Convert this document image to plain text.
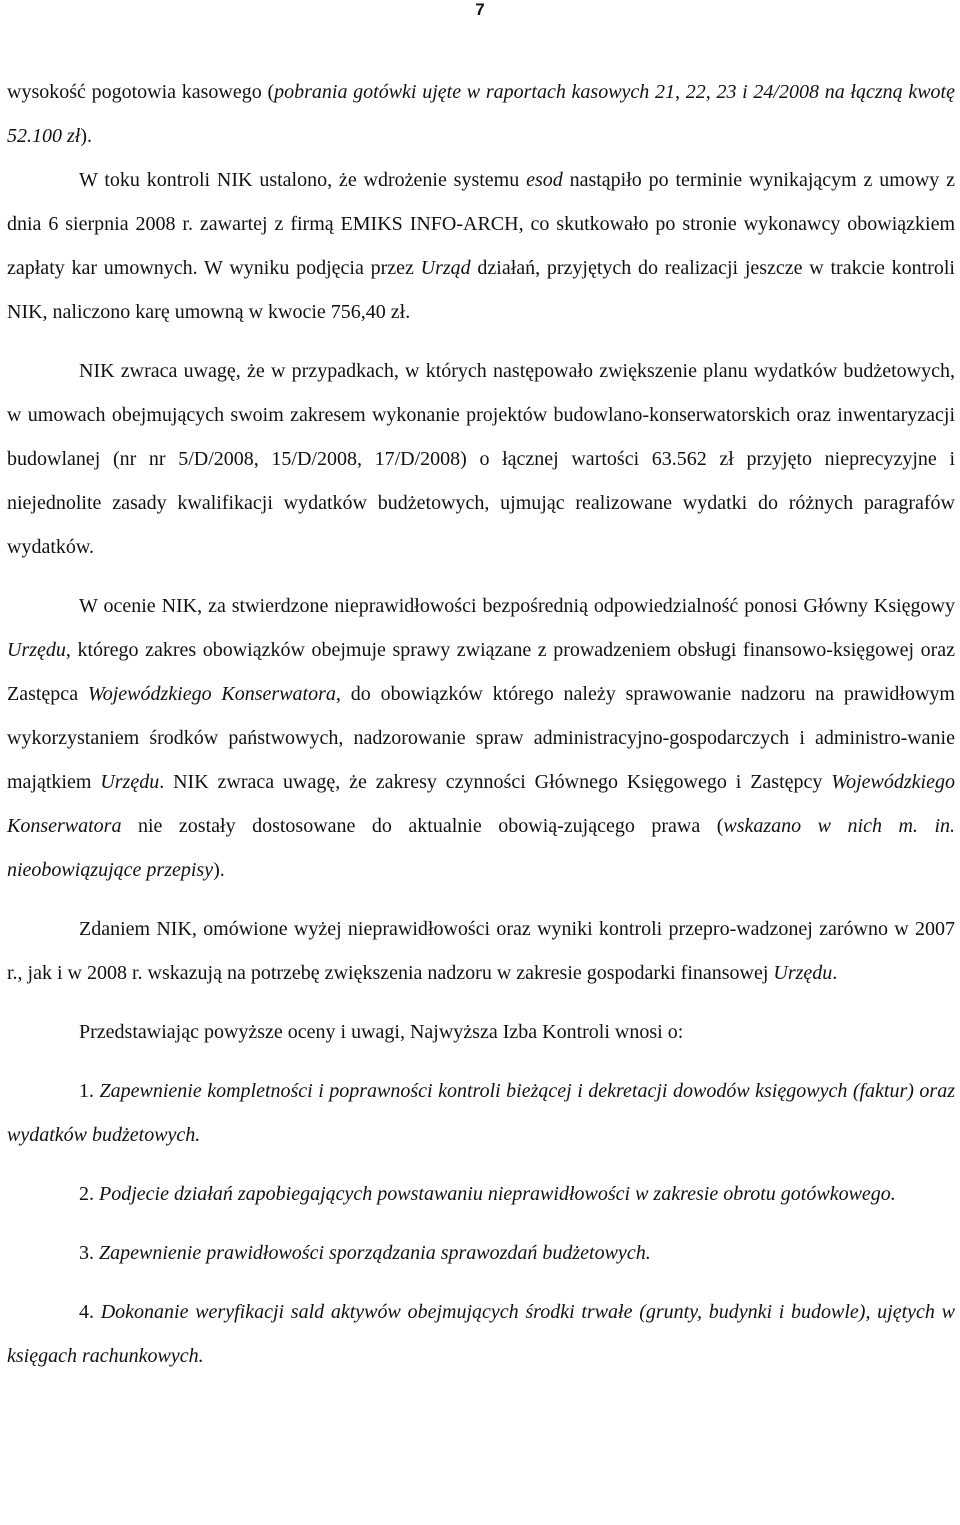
7

wysokość pogotowia kasowego (pobrania gotówki ujęte w raportach kasowych 21, 22, 23 i 24/2008 na łączną kwotę 52.100 zł).

W toku kontroli NIK ustalono, że wdrożenie systemu esod nastąpiło po terminie wynikającym z umowy z dnia 6 sierpnia 2008 r. zawartej z firmą EMIKS INFO-ARCH, co skutkowało po stronie wykonawcy obowiązkiem zapłaty kar umownych. W wyniku podjęcia przez Urząd działań, przyjętych do realizacji jeszcze w trakcie kontroli NIK, naliczono karę umowną w kwocie 756,40 zł.

NIK zwraca uwagę, że w przypadkach, w których następowało zwiększenie planu wydatków budżetowych, w umowach obejmujących swoim zakresem wykonanie projektów budowlano-konserwatorskich oraz inwentaryzacji budowlanej (nr nr 5/D/2008, 15/D/2008, 17/D/2008) o łącznej wartości 63.562 zł przyjęto nieprecyzyjne i niejednolite zasady kwalifikacji wydatków budżetowych, ujmując realizowane wydatki do różnych paragrafów wydatków.

W ocenie NIK, za stwierdzone nieprawidłowości bezpośrednią odpowiedzialność ponosi Główny Księgowy Urzędu, którego zakres obowiązków obejmuje sprawy związane z prowadzeniem obsługi finansowo-księgowej oraz Zastępca Wojewódzkiego Konserwatora, do obowiązków którego należy sprawowanie nadzoru na prawidłowym wykorzystaniem środków państwowych, nadzorowanie spraw administracyjno-gospodarczych i administro-wanie majątkiem Urzędu. NIK zwraca uwagę, że zakresy czynności Głównego Księgowego i Zastępcy Wojewódzkiego Konserwatora nie zostały dostosowane do aktualnie obowią-zującego prawa (wskazano w nich m. in. nieobowiązujące przepisy).

Zdaniem NIK, omówione wyżej nieprawidłowości oraz wyniki kontroli przepro-wadzonej zarówno w 2007 r., jak i w 2008 r. wskazują na potrzebę zwiększenia nadzoru w zakresie gospodarki finansowej Urzędu.

Przedstawiając powyższe oceny i uwagi, Najwyższa Izba Kontroli wnosi o:

1. Zapewnienie kompletności i poprawności kontroli bieżącej i dekretacji dowodów księgowych (faktur) oraz wydatków budżetowych.

2. Podjecie działań zapobiegających powstawaniu nieprawidłowości w zakresie obrotu gotówkowego.

3. Zapewnienie prawidłowości sporządzania sprawozdań budżetowych.

4. Dokonanie weryfikacji sald aktywów obejmujących środki trwałe (grunty, budynki i budowle), ujętych w księgach rachunkowych.
